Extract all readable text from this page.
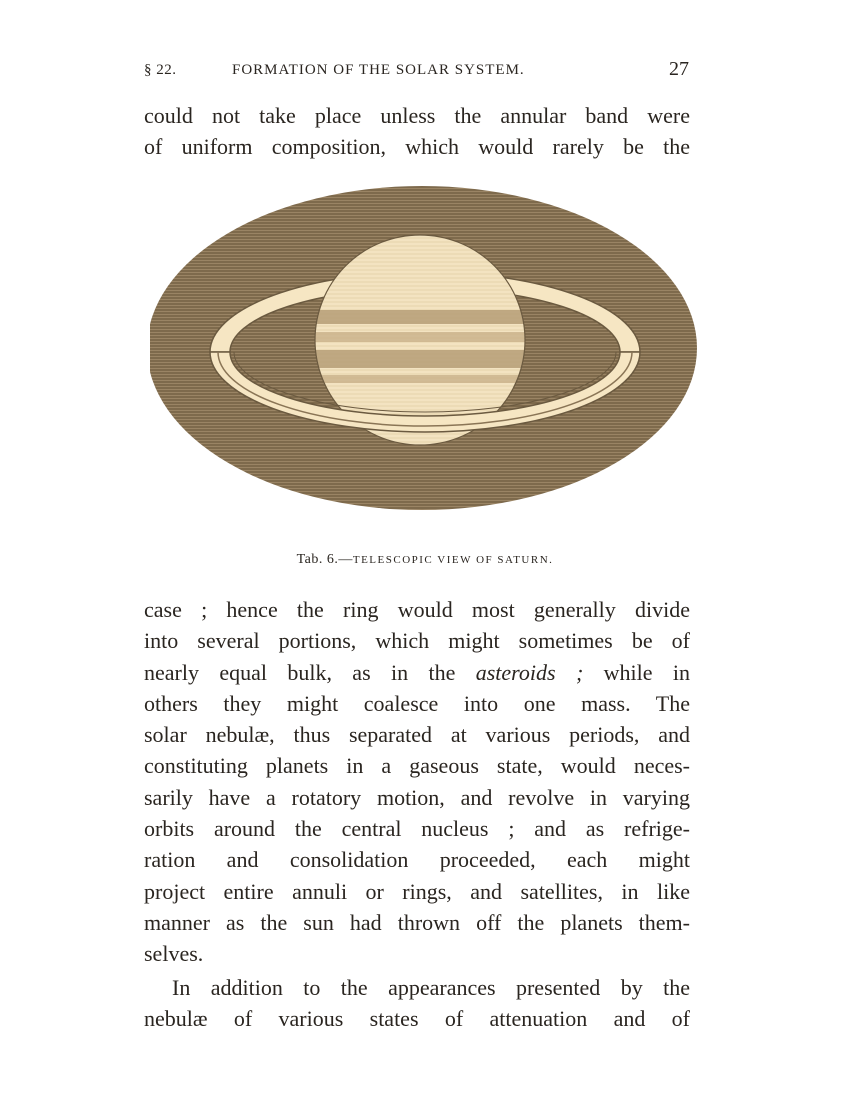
§ 22.	FORMATION OF THE SOLAR SYSTEM.	27
could not take place unless the annular band were
of uniform composition, which would rarely be the
Tab. 6.—TELESCOPIC VIEW OF SATURN.
case ; hence the ring would most generally divide
into several portions, which might sometimes be of
nearly equal bulk, as in the asteroids ; while in
others they might coalesce into one mass. The
solar nebulæ, thus separated at various periods, and
constituting planets in a gaseous state, would neces-
sarily have a rotatory motion, and revolve in varying
orbits around the central nucleus ; and as refrige-
ration and consolidation proceeded, each might
project entire annuli or rings, and satellites, in like
manner as the sun had thrown off the planets them-
selves.
In addition to the appearances presented by the
nebulæ of various states of attenuation and of
